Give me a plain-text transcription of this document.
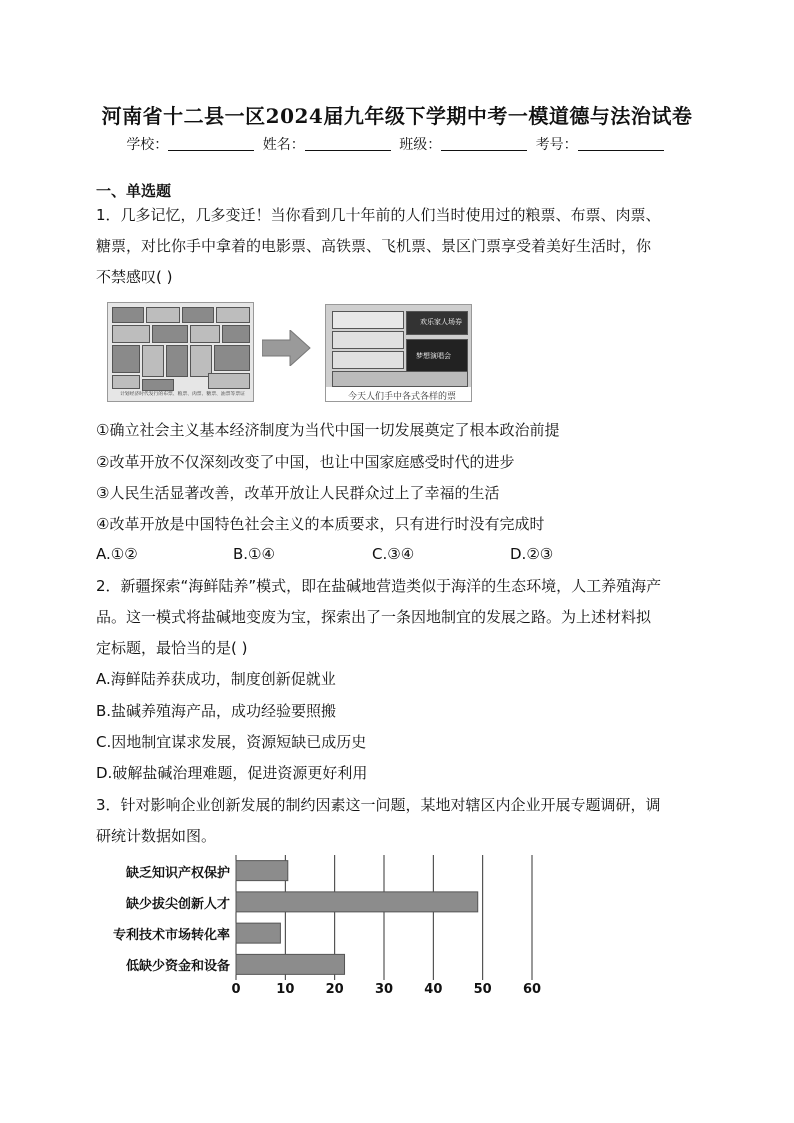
河南省十二县一区2024届九年级下学期中考一模道德与法治试卷
学校：	姓名：	班级：	考号：
一、单选题
1．几多记忆，几多变迁！当你看到几十年前的人们当时使用过的粮票、布票、肉票、
糖票，对比你手中拿着的电影票、高铁票、飞机票、景区门票享受着美好生活时，你
不禁感叹( )
计划经济时代发行的布票、粮票、肉票、糖票、油票等票证
欢乐家人场券
梦想演唱会
今天人们手中各式各样的票
①确立社会主义基本经济制度为当代中国一切发展奠定了根本政治前提
②改革开放不仅深刻改变了中国，也让中国家庭感受时代的进步
③人民生活显著改善，改革开放让人民群众过上了幸福的生活
④改革开放是中国特色社会主义的本质要求，只有进行时没有完成时
A.①②	B.①④	C.③④	D.②③
2．新疆探索“海鲜陆养”模式，即在盐碱地营造类似于海洋的生态环境，人工养殖海产
品。这一模式将盐碱地变废为宝，探索出了一条因地制宜的发展之路。为上述材料拟
定标题，最恰当的是( )
A.海鲜陆养获成功，制度创新促就业
B.盐碱养殖海产品，成功经验要照搬
C.因地制宜谋求发展，资源短缺已成历史
D.破解盐碱治理难题，促进资源更好利用
3．针对影响企业创新发展的制约因素这一问题，某地对辖区内企业开展专题调研，调
研统计数据如图。
0	10 20 30 40 50 60
缺乏知识产权保护
缺少拔尖创新人才
专利技术市场转化率
低缺少资金和设备
